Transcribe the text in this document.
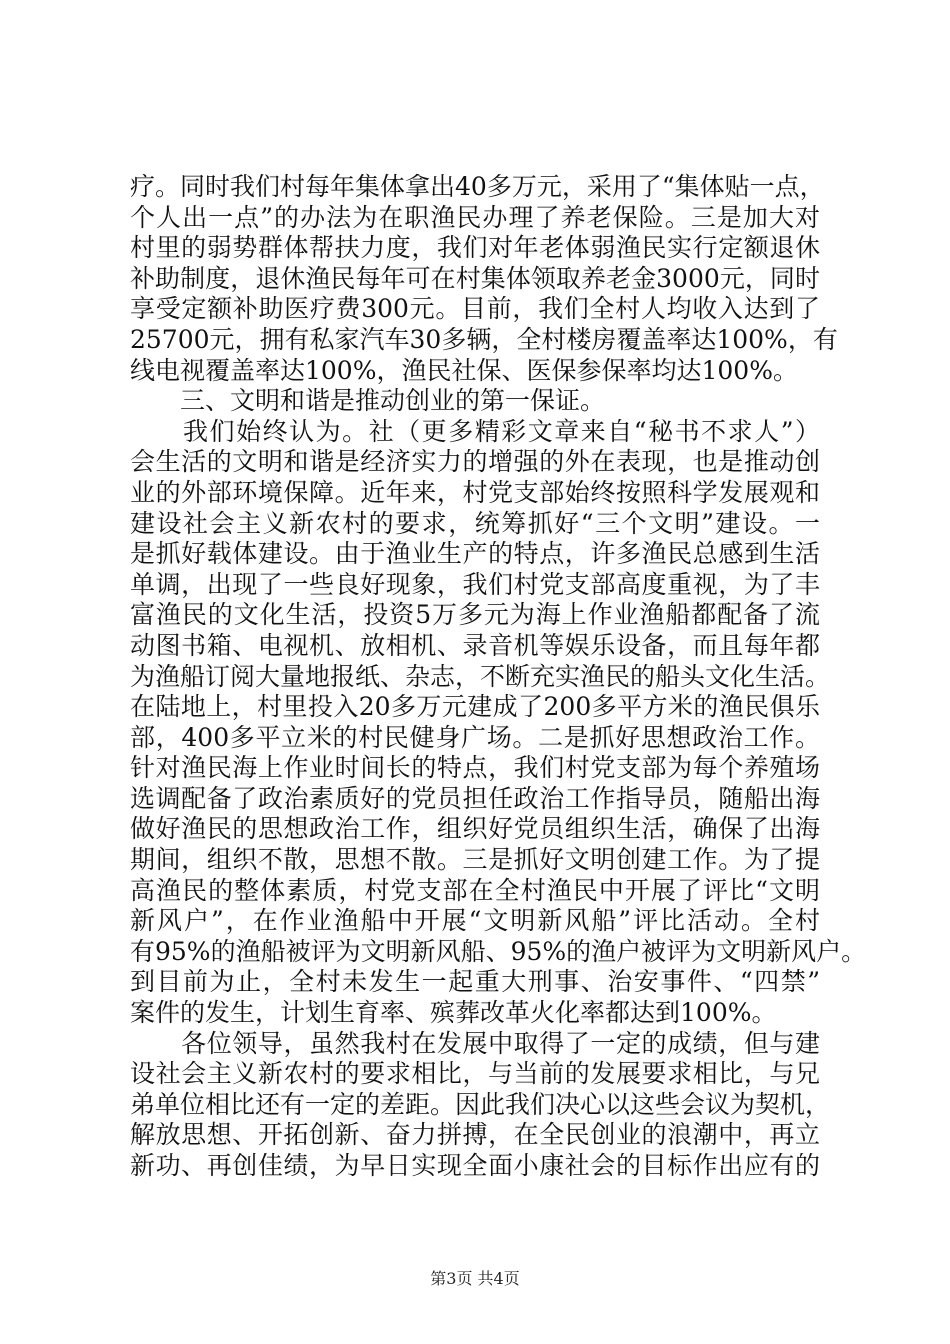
疗。同时我们村每年集体拿出40多万元，采用了“集体贴一点，
个人出一点”的办法为在职渔民办理了养老保险。三是加大对
村里的弱势群体帮扶力度，我们对年老体弱渔民实行定额退休
补助制度，退休渔民每年可在村集体领取养老金3000元，同时
享受定额补助医疗费300元。目前，我们全村人均收入达到了
25700元，拥有私家汽车30多辆，全村楼房覆盖率达100%，有
线电视覆盖率达100%，渔民社保、医保参保率均达100%。
　　三、文明和谐是推动创业的第一保证。
　　我们始终认为。社（更多精彩文章来自“秘书不求人”）
会生活的文明和谐是经济实力的增强的外在表现，也是推动创
业的外部环境保障。近年来，村党支部始终按照科学发展观和
建设社会主义新农村的要求，统筹抓好“三个文明”建设。一
是抓好载体建设。由于渔业生产的特点，许多渔民总感到生活
单调，出现了一些良好现象，我们村党支部高度重视，为了丰
富渔民的文化生活，投资5万多元为海上作业渔船都配备了流
动图书箱、电视机、放相机、录音机等娱乐设备，而且每年都
为渔船订阅大量地报纸、杂志，不断充实渔民的船头文化生活。
在陆地上，村里投入20多万元建成了200多平方米的渔民俱乐
部，400多平立米的村民健身广场。二是抓好思想政治工作。
针对渔民海上作业时间长的特点，我们村党支部为每个养殖场
选调配备了政治素质好的党员担任政治工作指导员，随船出海
做好渔民的思想政治工作，组织好党员组织生活，确保了出海
期间，组织不散，思想不散。三是抓好文明创建工作。为了提
高渔民的整体素质，村党支部在全村渔民中开展了评比“文明
新风户”，在作业渔船中开展“文明新风船”评比活动。全村
有95%的渔船被评为文明新风船、95%的渔户被评为文明新风户。
到目前为止，全村未发生一起重大刑事、治安事件、“四禁”
案件的发生，计划生育率、殡葬改革火化率都达到100%。
　　各位领导，虽然我村在发展中取得了一定的成绩，但与建
设社会主义新农村的要求相比，与当前的发展要求相比，与兄
弟单位相比还有一定的差距。因此我们决心以这些会议为契机，
解放思想、开拓创新、奋力拼搏，在全民创业的浪潮中，再立
新功、再创佳绩，为早日实现全面小康社会的目标作出应有的
第3页 共4页
